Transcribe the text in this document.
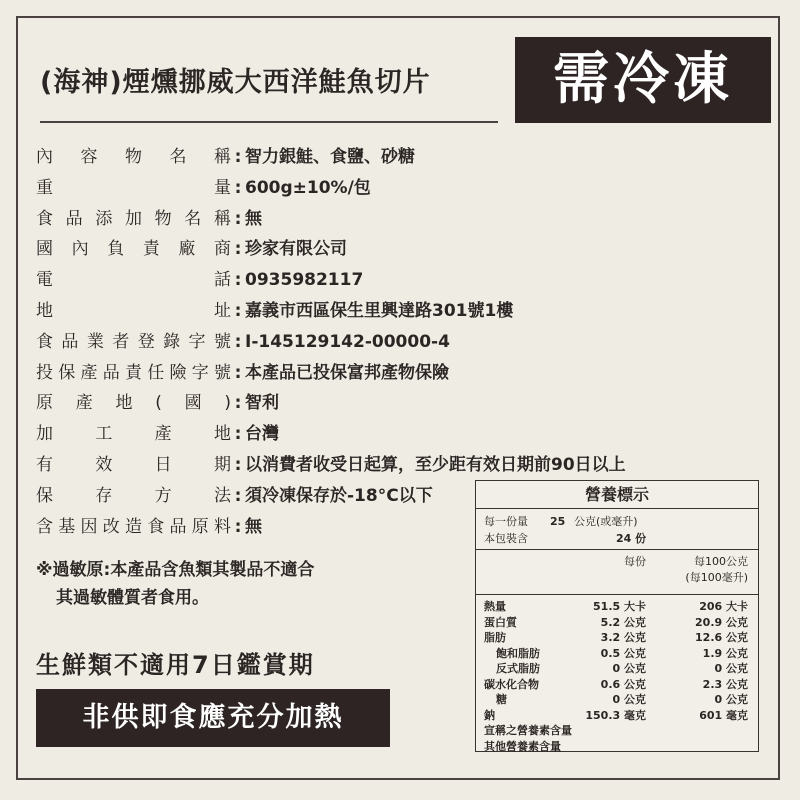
(海神)煙燻挪威大西洋鮭魚切片	需冷凍
內 容 物 名 稱 : 智力銀鮭、食鹽、砂糖
重	量 : 600g±10%/包
食 品 添 加 物 名 稱 : 無
國 內 負 責 廠 商 : 珍家有限公司
電	話 : 0935982117
地	址 : 嘉義市西區保生里興達路301號1樓
食 品 業 者 登 錄 字 號 : I-145129142-00000-4
投 保 產 品 責 任 險 字 號 : 本產品已投保富邦產物保險
原 產 地 ( 國 ) : 智利
加 工 產 地 : 台灣
有 效 日 期 : 以消費者收受日起算，至少距有效日期前90日以上
保 存 方 法 : 須冷凍保存於-18°C以下
含 基 因 改 造 食 品 原 料 : 無
※過敏原:本產品含魚類其製品不適合
其過敏體質者食用。
生鮮類不適用7日鑑賞期
非供即食應充分加熱
營養標示
每一份量 25 公克(或毫升)
本包裝含	24 份
每份	每100公克
(每100毫升)
熱量	51.5 大卡	206 大卡
蛋白質	5.2 公克	20.9 公克
脂肪	3.2 公克	12.6 公克
飽和脂肪	0.5 公克	1.9 公克
反式脂肪	0 公克	0 公克
碳水化合物	0.6 公克	2.3 公克
糖	0 公克	0 公克
鈉	150.3 毫克	601 毫克
宣稱之營養素含量
其他營養素含量
